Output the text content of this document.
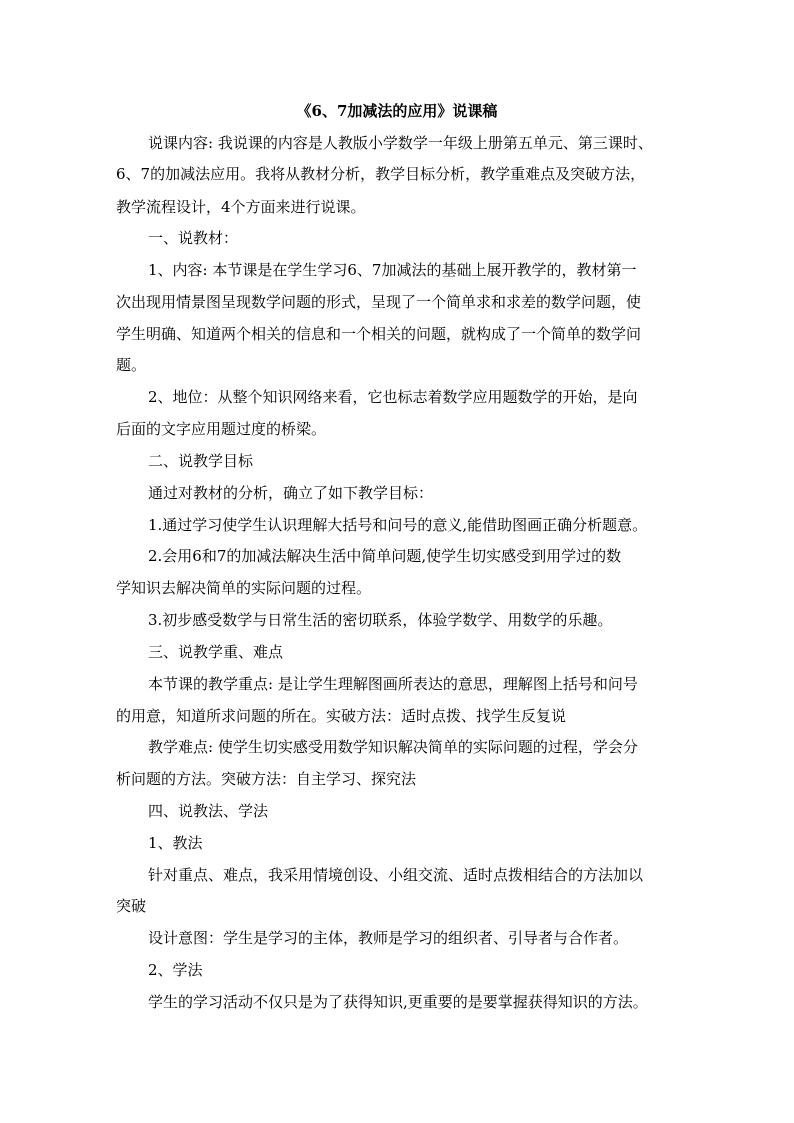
《6、7加减法的应用》说课稿
说课内容: 我说课的内容是人教版小学数学一年级上册第五单元、第三课时、
6、7的加减法应用。我将从教材分析，教学目标分析，教学重难点及突破方法，
教学流程设计，4个方面来进行说课。
一、说教材：
1、内容: 本节课是在学生学习6、7加减法的基础上展开教学的，教材第一
次出现用情景图呈现数学问题的形式，呈现了一个简单求和求差的数学问题，使
学生明确、知道两个相关的信息和一个相关的问题，就构成了一个简单的数学问
题。
2、地位：从整个知识网络来看，它也标志着数学应用题数学的开始，是向
后面的文字应用题过度的桥梁。
二、说教学目标
通过对教材的分析，确立了如下教学目标：
1.通过学习使学生认识理解大括号和问号的意义,能借助图画正确分析题意。
2.会用6和7的加减法解决生活中简单问题,使学生切实感受到用学过的数
学知识去解决简单的实际问题的过程。
3.初步感受数学与日常生活的密切联系，体验学数学、用数学的乐趣。
三、说教学重、难点
本节课的教学重点: 是让学生理解图画所表达的意思，理解图上括号和问号
的用意，知道所求问题的所在。实破方法：适时点拨、找学生反复说
教学难点: 使学生切实感受用数学知识解决简单的实际问题的过程，学会分
析问题的方法。突破方法：自主学习、探究法
四、说教法、学法
1、教法
针对重点、难点，我采用情境创设、小组交流、适时点拨相结合的方法加以
突破
设计意图：学生是学习的主体，教师是学习的组织者、引导者与合作者。
2、学法
学生的学习活动不仅只是为了获得知识,更重要的是要掌握获得知识的方法。
